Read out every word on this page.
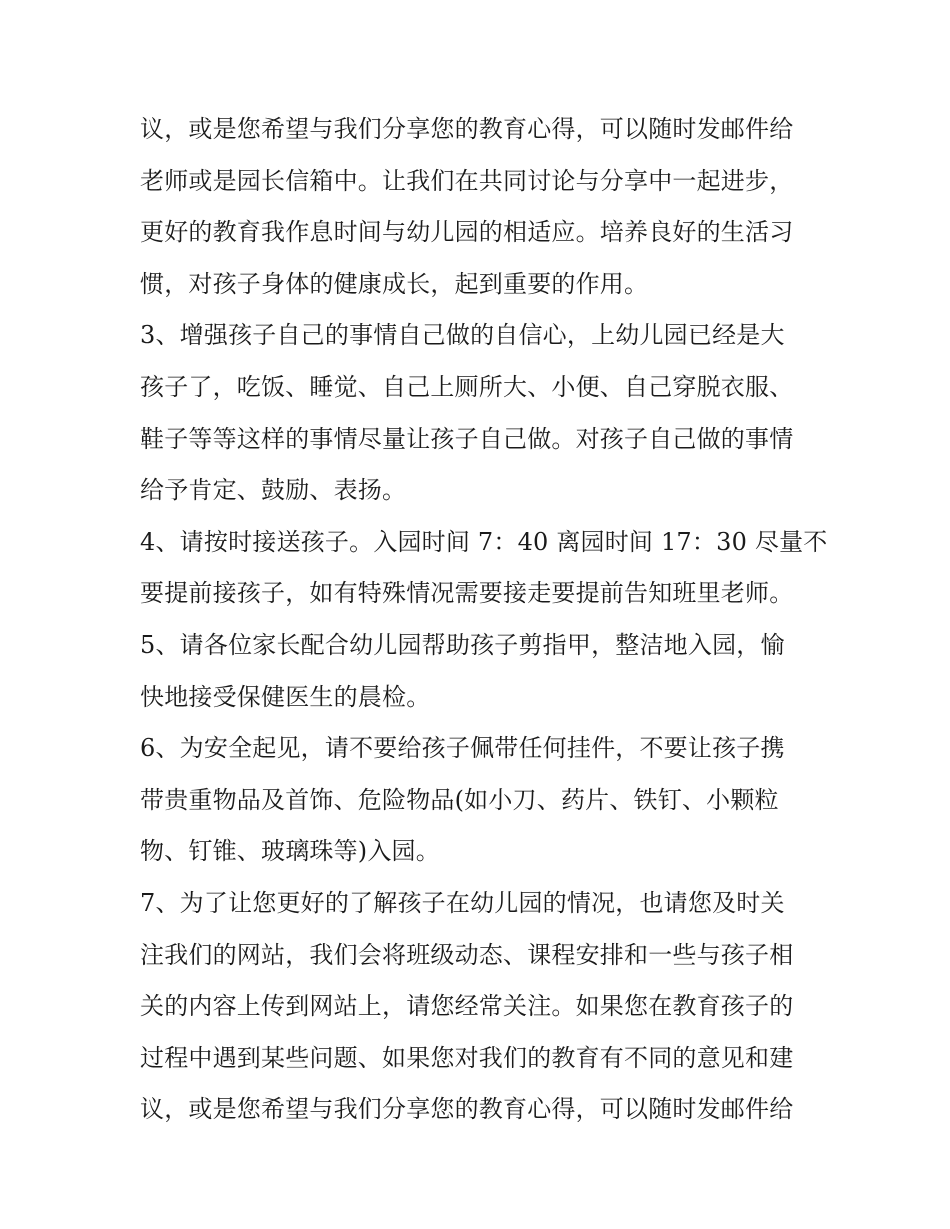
议，或是您希望与我们分享您的教育心得，可以随时发邮件给
老师或是园长信箱中。让我们在共同讨论与分享中一起进步，
更好的教育我作息时间与幼儿园的相适应。培养良好的生活习
惯，对孩子身体的健康成长，起到重要的作用。
3、增强孩子自己的事情自己做的自信心，上幼儿园已经是大
孩子了，吃饭、睡觉、自己上厕所大、小便、自己穿脱衣服、
鞋子等等这样的事情尽量让孩子自己做。对孩子自己做的事情
给予肯定、鼓励、表扬。
4、请按时接送孩子。入园时间 7：40 离园时间 17：30 尽量不
要提前接孩子，如有特殊情况需要接走要提前告知班里老师。
5、请各位家长配合幼儿园帮助孩子剪指甲，整洁地入园，愉
快地接受保健医生的晨检。
6、为安全起见，请不要给孩子佩带任何挂件，不要让孩子携
带贵重物品及首饰、危险物品(如小刀、药片、铁钉、小颗粒
物、钉锥、玻璃珠等)入园。
7、为了让您更好的了解孩子在幼儿园的情况，也请您及时关
注我们的网站，我们会将班级动态、课程安排和一些与孩子相
关的内容上传到网站上，请您经常关注。如果您在教育孩子的
过程中遇到某些问题、如果您对我们的教育有不同的意见和建
议，或是您希望与我们分享您的教育心得，可以随时发邮件给
